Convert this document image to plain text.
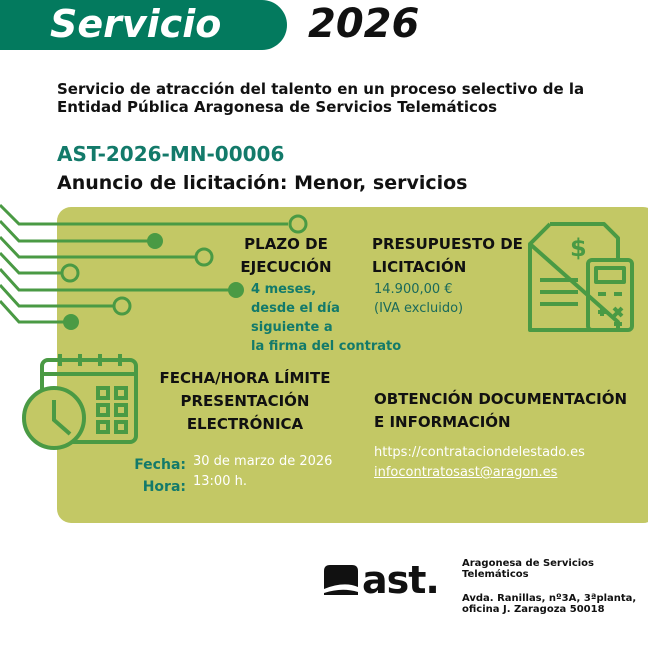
Servicio 2026
Servicio de atracción del talento en un proceso selectivo de la Entidad Pública Aragonesa de Servicios Telemáticos
AST-2026-MN-00006
Anuncio de licitación: Menor, servicios
PLAZO DE
EJECUCIÓN
4 meses,
desde el día
siguiente a
la firma del contrato
PRESUPUESTO DE
LICITACIÓN
14.900,00 €
(IVA excluido)
$
FECHA/HORA LÍMITE
PRESENTACIÓN
ELECTRÓNICA
Fecha:
Hora:
30 de marzo de 2026
13:00 h.
OBTENCIÓN DOCUMENTACIÓN
E INFORMACIÓN
https://contrataciondelestado.es
infocontratosast@aragon.es
ast. Aragonesa de Servicios
Telemáticos
Avda. Ranillas, nº3A, 3ªplanta,
oficina J. Zaragoza 50018
